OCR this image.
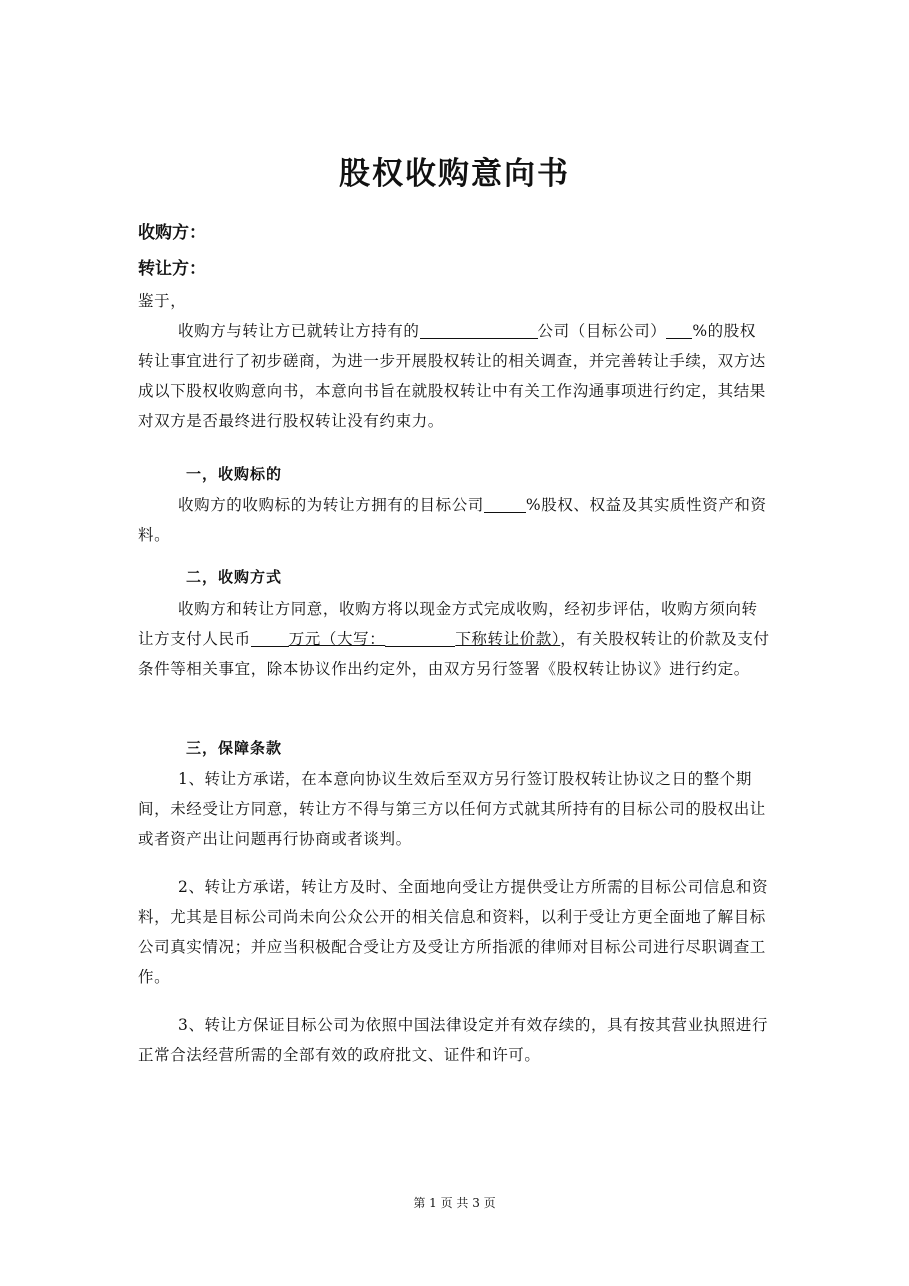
股权收购意向书
收购方：
转让方：
鉴于，
收购方与转让方已就转让方持有的	公司（目标公司） %的股权转让事宜进行了初步磋商，为进一步开展股权转让的相关调查，并完善转让手续，双方达成以下股权收购意向书，本意向书旨在就股权转让中有关工作沟通事项进行约定，其结果对双方是否最终进行股权转让没有约束力。
一，收购标的
收购方的收购标的为转让方拥有的目标公司	%股权、权益及其实质性资产和资料。
二，收购方式
收购方和转让方同意，收购方将以现金方式完成收购，经初步评估，收购方须向转让方支付人民币 万元（大写：	下称转让价款），有关股权转让的价款及支付条件等相关事宜，除本协议作出约定外，由双方另行签署《股权转让协议》进行约定。
三，保障条款
1、转让方承诺，在本意向协议生效后至双方另行签订股权转让协议之日的整个期间，未经受让方同意，转让方不得与第三方以任何方式就其所持有的目标公司的股权出让或者资产出让问题再行协商或者谈判。
2、转让方承诺，转让方及时、全面地向受让方提供受让方所需的目标公司信息和资料，尤其是目标公司尚未向公众公开的相关信息和资料，以利于受让方更全面地了解目标公司真实情况；并应当积极配合受让方及受让方所指派的律师对目标公司进行尽职调查工作。
3、转让方保证目标公司为依照中国法律设定并有效存续的，具有按其营业执照进行正常合法经营所需的全部有效的政府批文、证件和许可。
第 1 页 共 3 页
